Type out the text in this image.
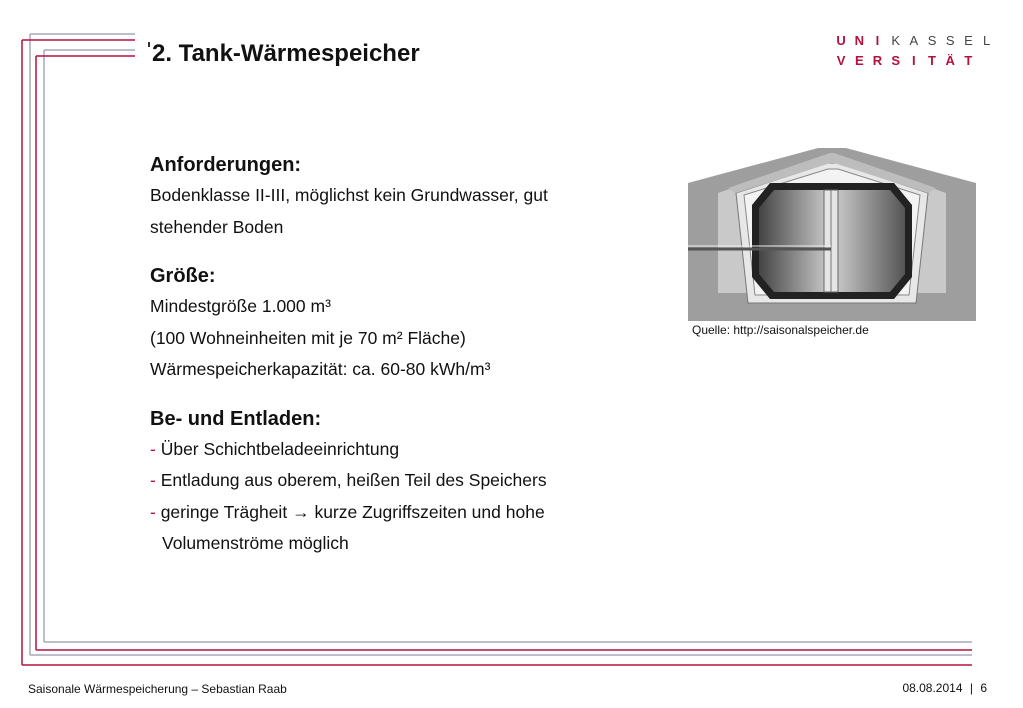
2. Tank-Wärmespeicher	U N I K A S S E L
V E R S I T Ä T

Anforderungen:

Bodenklasse II-III, möglichst kein Grundwasser, gut

stehender Boden

Größe:

Mindestgröße 1.000 m³

(100 Wohneinheiten mit je 70 m² Fläche)

Wärmespeicherkapazität: ca. 60-80 kWh/m³

Be- und Entladen:

- Über Schichtbeladeeinrichtung

- Entladung aus oberem, heißen Teil des Speichers

- geringe Trägheit → kurze Zugriffszeiten und hohe

Volumenströme möglich

Quelle: http://saisonalspeicher.de
Saisonale Wärmespeicherung – Sebastian Raab	08.08.2014 | 6
